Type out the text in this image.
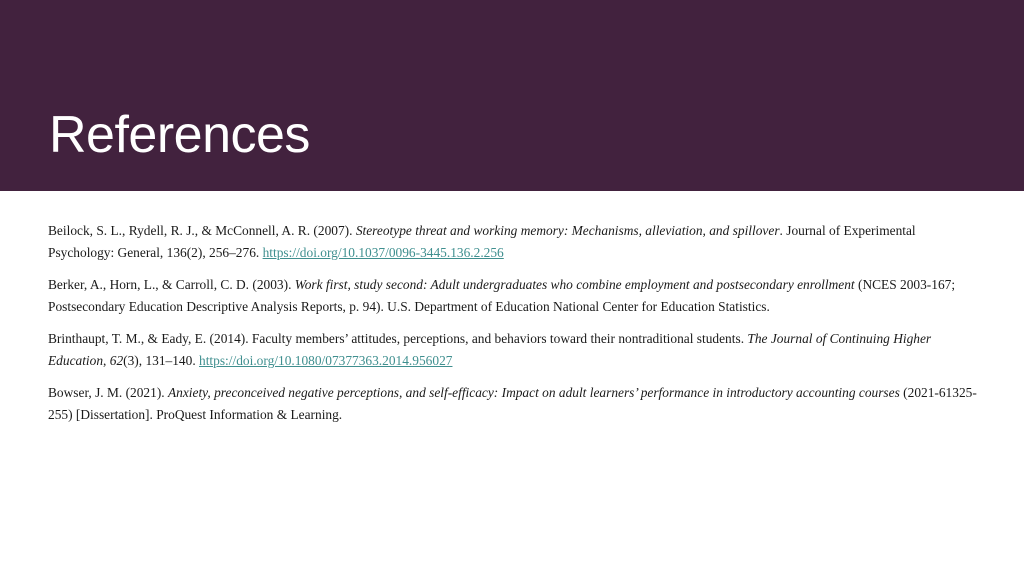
References

Beilock, S. L., Rydell, R. J., & McConnell, A. R. (2007). Stereotype threat and working memory: Mechanisms, alleviation, and spillover. Journal of Experimental Psychology: General, 136(2), 256–276. https://doi.org/10.1037/0096-3445.136.2.256

Berker, A., Horn, L., & Carroll, C. D. (2003). Work first, study second: Adult undergraduates who combine employment and postsecondary enrollment (NCES 2003-167; Postsecondary Education Descriptive Analysis Reports, p. 94). U.S. Department of Education National Center for Education Statistics.

Brinthaupt, T. M., & Eady, E. (2014). Faculty members’ attitudes, perceptions, and behaviors toward their nontraditional students. The Journal of Continuing Higher Education, 62(3), 131–140. https://doi.org/10.1080/07377363.2014.956027

Bowser, J. M. (2021). Anxiety, preconceived negative perceptions, and self-efficacy: Impact on adult learners’ performance in introductory accounting courses (2021-61325-255) [Dissertation]. ProQuest Information & Learning.
